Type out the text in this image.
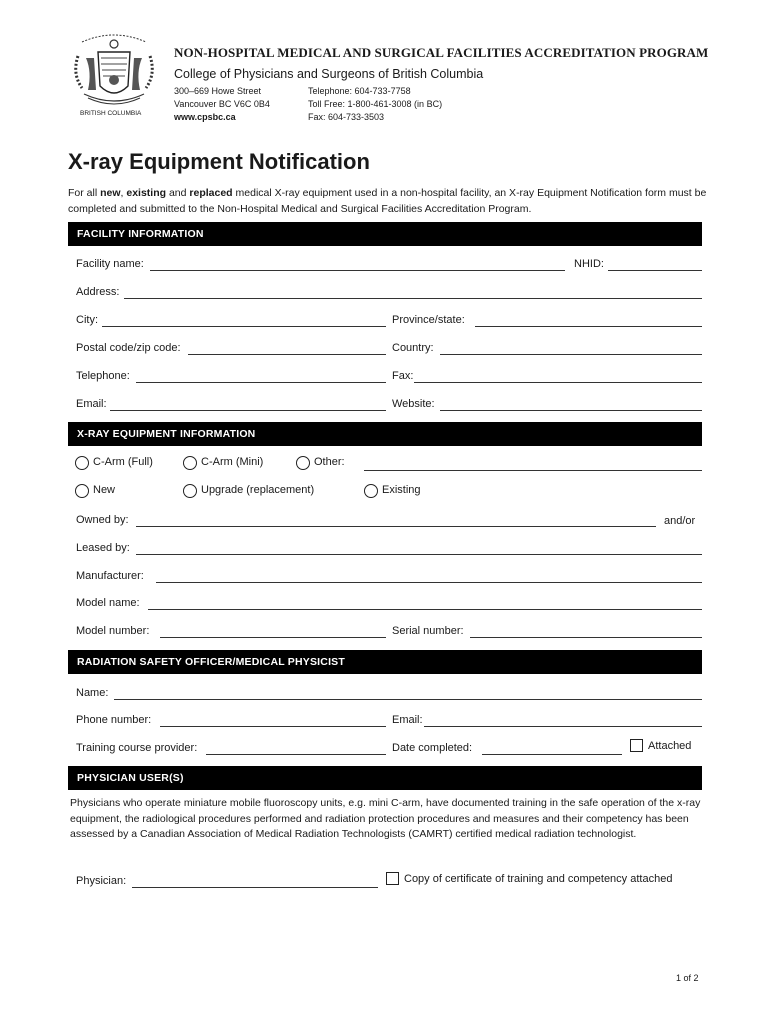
BRITISH COLUMBIA
NON-HOSPITAL MEDICAL AND SURGICAL FACILITIES ACCREDITATION PROGRAM
College of Physicians and Surgeons of British Columbia
300–669 Howe Street
Vancouver BC V6C 0B4
www.cpsbc.ca
Telephone: 604-733-7758
Toll Free: 1-800-461-3008 (in BC)
Fax: 604-733-3503
X-ray Equipment Notification
For all new, existing and replaced medical X-ray equipment used in a non-hospital facility, an X-ray Equipment Notification form must be completed and submitted to the Non-Hospital Medical and Surgical Facilities Accreditation Program.
FACILITY INFORMATION
Facility name:	NHID:
Address:
City:	Province/state:
Postal code/zip code:	Country:
Telephone:	Fax:
Email:	Website:
X-RAY EQUIPMENT INFORMATION
C-Arm (Full)	C-Arm (Mini)	Other:
New	Upgrade (replacement)	Existing
Owned by:	and/or
Leased by:
Manufacturer:
Model name:
Model number:	Serial number:
RADIATION SAFETY OFFICER/MEDICAL PHYSICIST
Name:
Phone number:	Email:
Training course provider:	Date completed:	Attached
PHYSICIAN USER(S)
Physicians who operate miniature mobile fluoroscopy units, e.g. mini C-arm, have documented training in the safe operation of the x-ray equipment, the radiological procedures performed and radiation protection procedures and measures and their competency has been assessed by a Canadian Association of Medical Radiation Technologists (CAMRT) certified medical radiation technologist.
Physician:	Copy of certificate of training and competency attached
1 of 2
